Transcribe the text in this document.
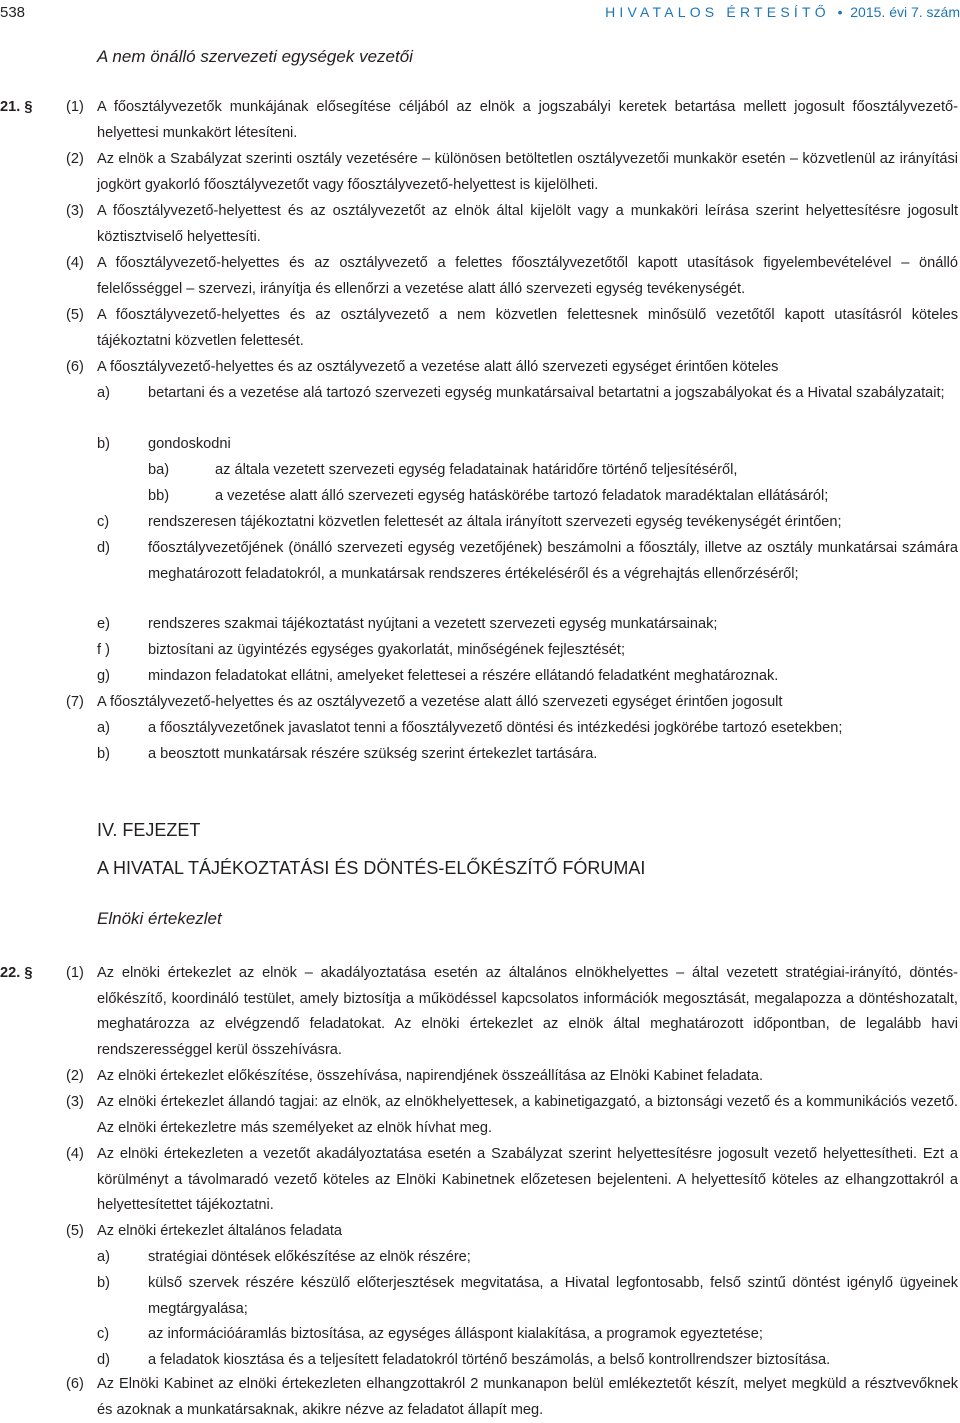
538	HIVATALOS ÉRTESÍTŐ • 2015. évi 7. szám
A nem önálló szervezeti egységek vezetői
21. § (1) A főosztályvezetők munkájának elősegítése céljából az elnök a jogszabályi keretek betartása mellett jogosult főosztályvezető-helyettesi munkakört létesíteni.
(2) Az elnök a Szabályzat szerinti osztály vezetésére – különösen betöltetlen osztályvezetői munkakör esetén – közvetlenül az irányítási jogkört gyakorló főosztályvezetőt vagy főosztályvezető-helyettest is kijelölheti.
(3) A főosztályvezető-helyettest és az osztályvezetőt az elnök által kijelölt vagy a munkaköri leírása szerint helyettesítésre jogosult köztisztviselő helyettesíti.
(4) A főosztályvezető-helyettes és az osztályvezető a felettes főosztályvezetőtől kapott utasítások figyelembevételével – önálló felelősséggel – szervezi, irányítja és ellenőrzi a vezetése alatt álló szervezeti egység tevékenységét.
(5) A főosztályvezető-helyettes és az osztályvezető a nem közvetlen felettesnek minősülő vezetőtől kapott utasításról köteles tájékoztatni közvetlen felettesét.
(6) A főosztályvezető-helyettes és az osztályvezető a vezetése alatt álló szervezeti egységet érintően köteles
a)	betartani és a vezetése alá tartozó szervezeti egység munkatársaival betartatni a jogszabályokat és a Hivatal szabályzatait;
b)	gondoskodni
ba)	az általa vezetett szervezeti egység feladatainak határidőre történő teljesítéséről,
bb)	a vezetése alatt álló szervezeti egység hatáskörébe tartozó feladatok maradéktalan ellátásáról;
c)	rendszeresen tájékoztatni közvetlen felettesét az általa irányított szervezeti egység tevékenységét érintően;
d)	főosztályvezetőjének (önálló szervezeti egység vezetőjének) beszámolni a főosztály, illetve az osztály munkatársai számára meghatározott feladatokról, a munkatársak rendszeres értékeléséről és a végrehajtás ellenőrzéséről;
e)	rendszeres szakmai tájékoztatást nyújtani a vezetett szervezeti egység munkatársainak;
f )	biztosítani az ügyintézés egységes gyakorlatát, minőségének fejlesztését;
g)	mindazon feladatokat ellátni, amelyeket felettesei a részére ellátandó feladatként meghatároznak.
(7) A főosztályvezető-helyettes és az osztályvezető a vezetése alatt álló szervezeti egységet érintően jogosult
a)	a főosztályvezetőnek javaslatot tenni a főosztályvezető döntési és intézkedési jogkörébe tartozó esetekben;
b)	a beosztott munkatársak részére szükség szerint értekezlet tartására.
IV. FEJEZET
A HIVATAL TÁJÉKOZTATÁSI ÉS DÖNTÉS-ELŐKÉSZÍTŐ FÓRUMAI
Elnöki értekezlet
22. § (1) Az elnöki értekezlet az elnök – akadályoztatása esetén az általános elnökhelyettes – által vezetett stratégiai-irányító, döntés-előkészítő, koordináló testület, amely biztosítja a működéssel kapcsolatos információk megosztását, megalapozza a döntéshozatalt, meghatározza az elvégzendő feladatokat. Az elnöki értekezlet az elnök által meghatározott időpontban, de legalább havi rendszerességgel kerül összehívásra.
(2) Az elnöki értekezlet előkészítése, összehívása, napirendjének összeállítása az Elnöki Kabinet feladata.
(3) Az elnöki értekezlet állandó tagjai: az elnök, az elnökhelyettesek, a kabinetigazgató, a biztonsági vezető és a kommunikációs vezető. Az elnöki értekezletre más személyeket az elnök hívhat meg.
(4) Az elnöki értekezleten a vezetőt akadályoztatása esetén a Szabályzat szerint helyettesítésre jogosult vezető helyettesítheti. Ezt a körülményt a távolmaradó vezető köteles az Elnöki Kabinetnek előzetesen bejelenteni. A helyettesítő köteles az elhangzottakról a helyettesítettet tájékoztatni.
(5) Az elnöki értekezlet általános feladata
a)	stratégiai döntések előkészítése az elnök részére;
b)	külső szervek részére készülő előterjesztések megvitatása, a Hivatal legfontosabb, felső szintű döntést igénylő ügyeinek megtárgyalása;
c)	az információáramlás biztosítása, az egységes álláspont kialakítása, a programok egyeztetése;
d)	a feladatok kiosztása és a teljesített feladatokról történő beszámolás, a belső kontrollrendszer biztosítása.
(6) Az Elnöki Kabinet az elnöki értekezleten elhangzottakról 2 munkanapon belül emlékeztetőt készít, melyet megküld a résztvevőknek és azoknak a munkatársaknak, akikre nézve az feladatot állapít meg.
